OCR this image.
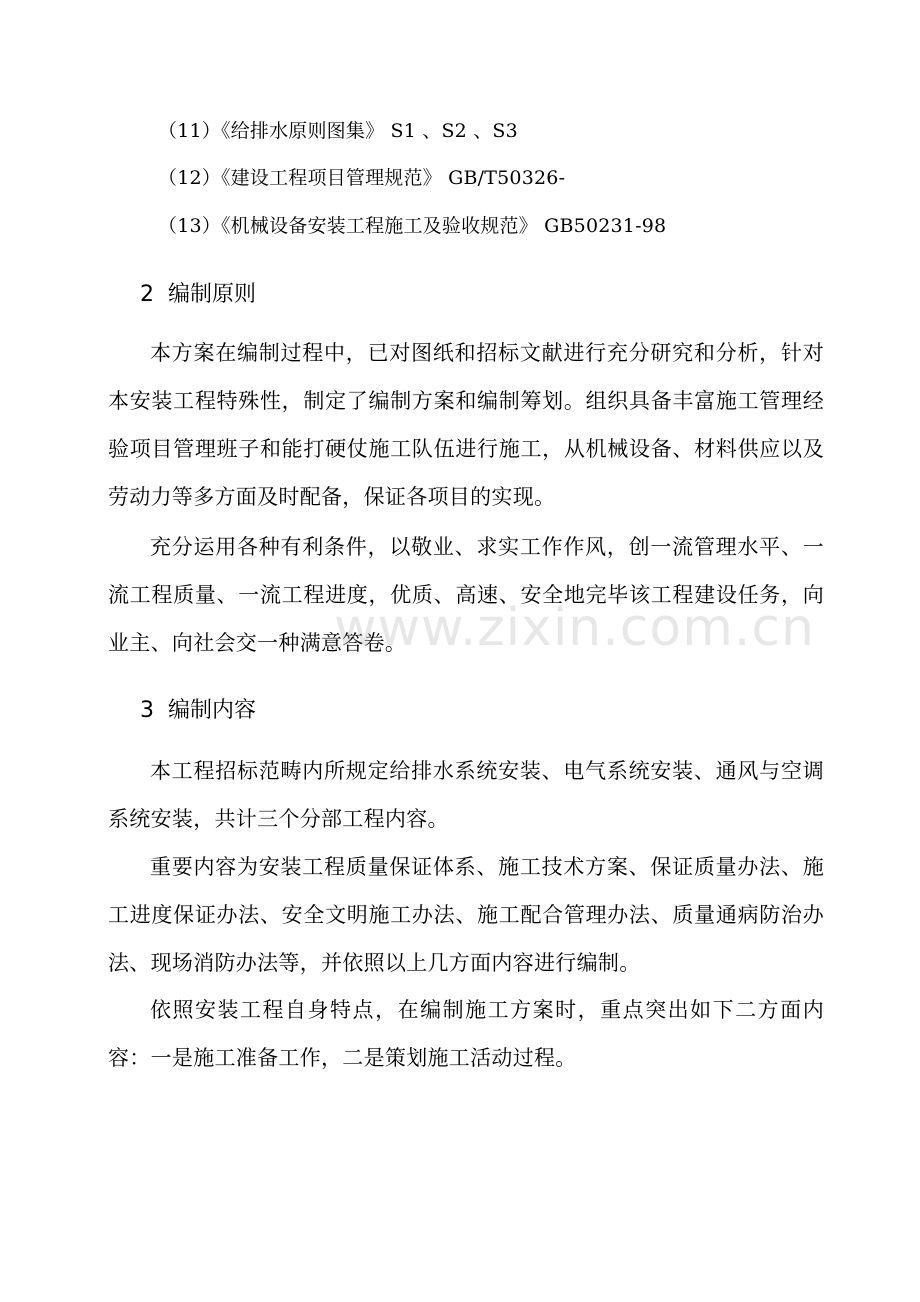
（11）《给排水原则图集》 S1 、S2 、S3
（12）《建设工程项目管理规范》 GB/T50326-
（13）《机械设备安装工程施工及验收规范》 GB50231-98
2 编制原则
本方案在编制过程中，已对图纸和招标文献进行充分研究和分析，针对本安装工程特殊性，制定了编制方案和编制筹划。组织具备丰富施工管理经验项目管理班子和能打硬仗施工队伍进行施工，从机械设备、材料供应以及劳动力等多方面及时配备，保证各项目的实现。
充分运用各种有利条件，以敬业、求实工作作风，创一流管理水平、一流工程质量、一流工程进度，优质、高速、安全地完毕该工程建设任务，向业主、向社会交一种满意答卷。
3 编制内容
本工程招标范畴内所规定给排水系统安装、电气系统安装、通风与空调系统安装，共计三个分部工程内容。
重要内容为安装工程质量保证体系、施工技术方案、保证质量办法、施工进度保证办法、安全文明施工办法、施工配合管理办法、质量通病防治办法、现场消防办法等，并依照以上几方面内容进行编制。
依照安装工程自身特点，在编制施工方案时，重点突出如下二方面内容：一是施工准备工作，二是策划施工活动过程。
www.zixin.com.cn
